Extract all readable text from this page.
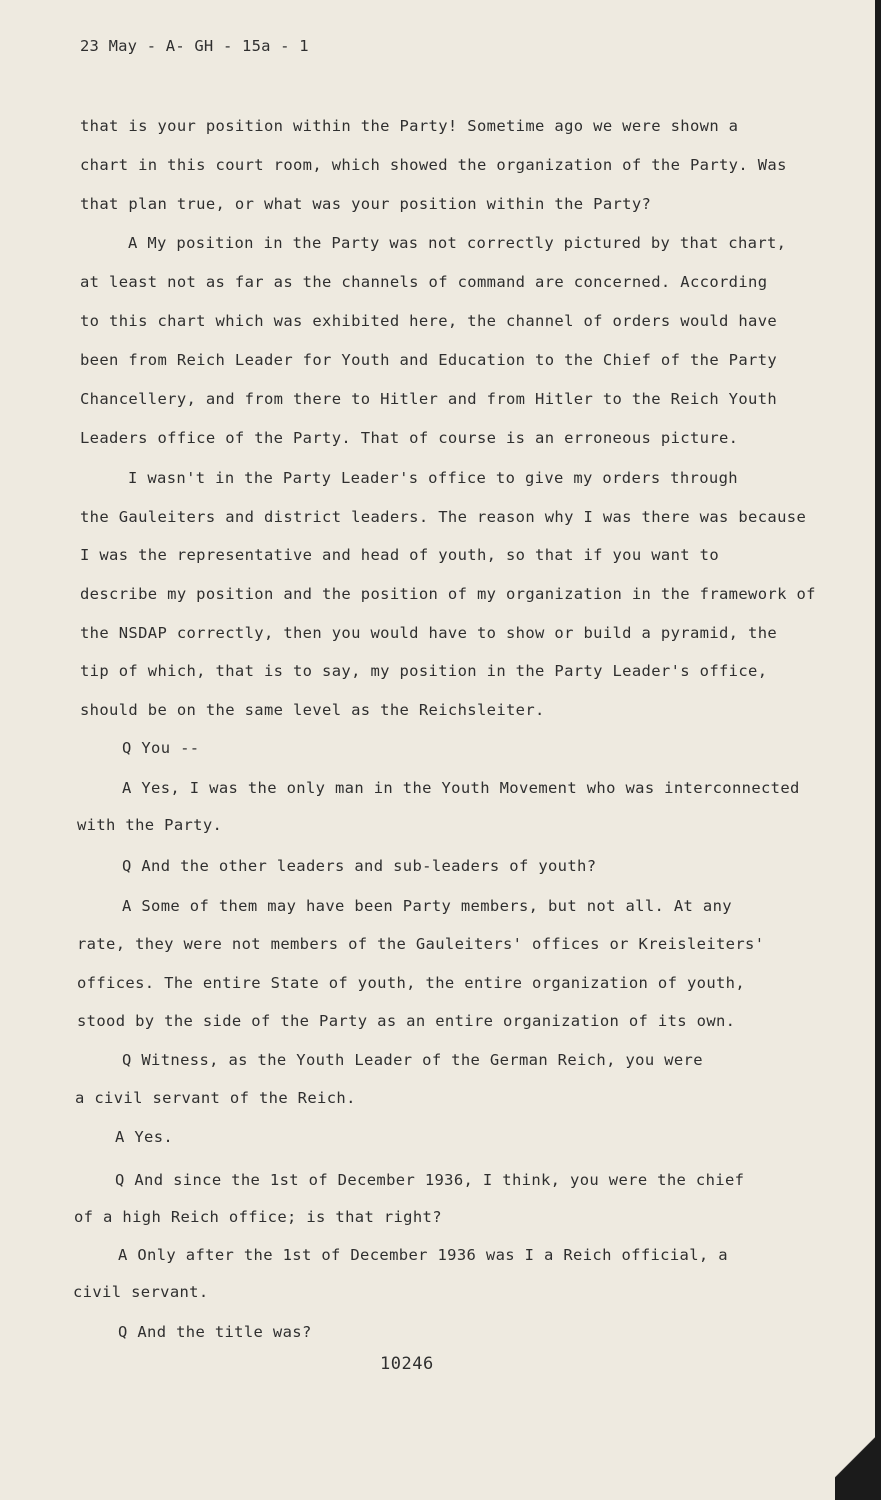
23 May - A- GH - 15a - 1
that is your position within the Party! Sometime ago we were shown a
chart in this court room, which showed the organization of the Party. Was
that plan true, or what was your position within the Party?
A My position in the Party was not correctly pictured by that chart,
at least not as far as the channels of command are concerned. According
to this chart which was exhibited here, the channel of orders would have
been from Reich Leader for Youth and Education to the Chief of the Party
Chancellery, and from there to Hitler and from Hitler to the Reich Youth
Leaders office of the Party. That of course is an erroneous picture.
I wasn't in the Party Leader's office to give my orders through
the Gauleiters and district leaders. The reason why I was there was because
I was the representative and head of youth, so that if you want to
describe my position and the position of my organization in the framework of
the NSDAP correctly, then you would have to show or build a pyramid, the
tip of which, that is to say, my position in the Party Leader's office,
should be on the same level as the Reichsleiter.
Q You --
A Yes, I was the only man in the Youth Movement who was interconnected
with the Party.
Q And the other leaders and sub-leaders of youth?
A Some of them may have been Party members, but not all. At any
rate, they were not members of the Gauleiters' offices or Kreisleiters'
offices. The entire State of youth, the entire organization of youth,
stood by the side of the Party as an entire organization of its own.
Q Witness, as the Youth Leader of the German Reich, you were
a civil servant of the Reich.
A Yes.
Q And since the 1st of December 1936, I think, you were the chief
of a high Reich office; is that right?
A Only after the 1st of December 1936 was I a Reich official, a
civil servant.
Q And the title was?
10246
